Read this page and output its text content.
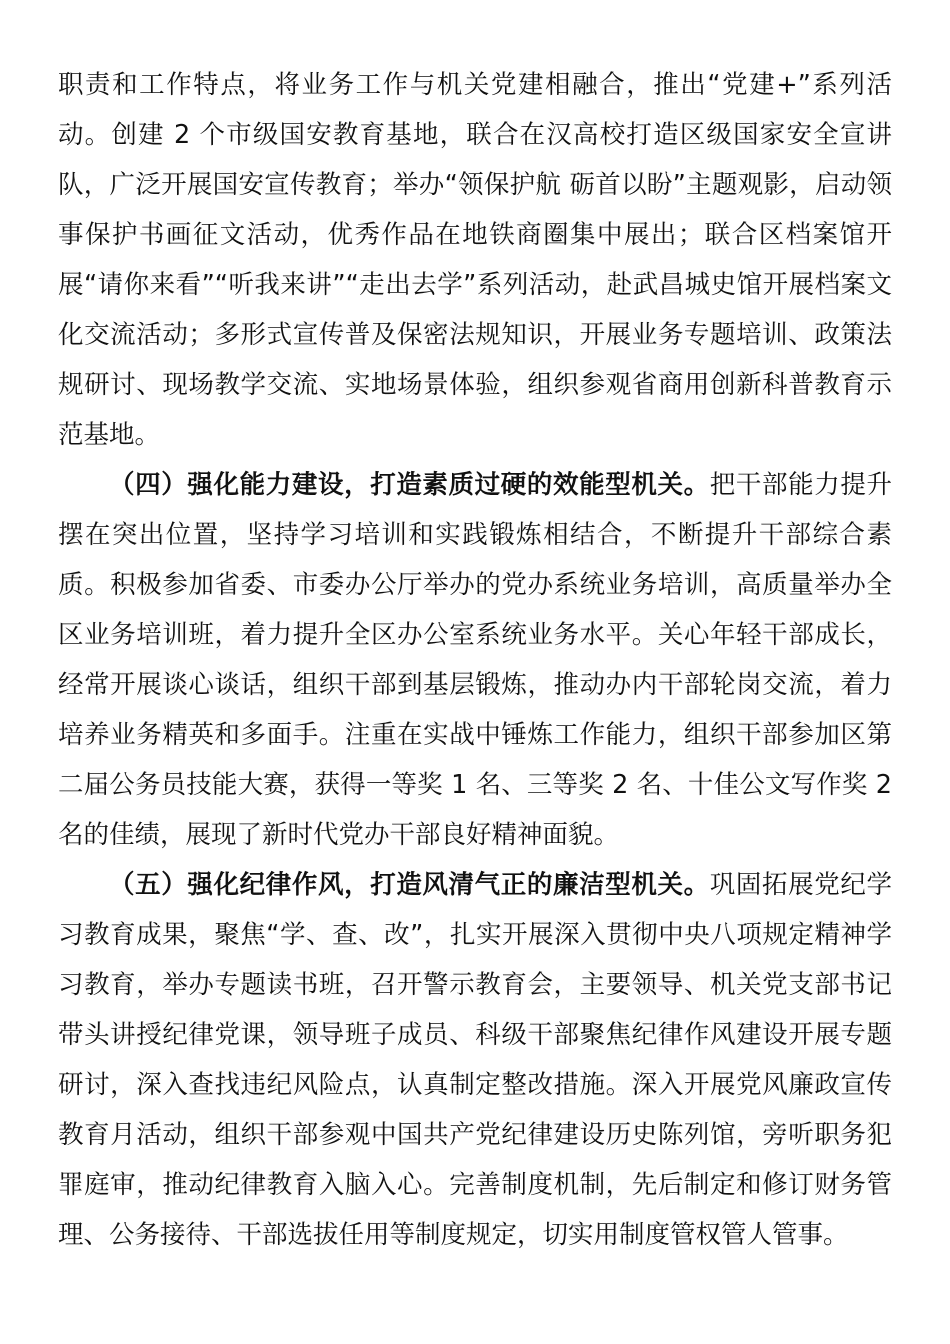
职责和工作特点，将业务工作与机关党建相融合，推出“党建+”系列活动。创建 2 个市级国安教育基地，联合在汉高校打造区级国家安全宣讲队，广泛开展国安宣传教育；举办“领保护航 砺首以盼”主题观影，启动领事保护书画征文活动，优秀作品在地铁商圈集中展出；联合区档案馆开展“请你来看”“听我来讲”“走出去学”系列活动，赴武昌城史馆开展档案文化交流活动；多形式宣传普及保密法规知识，开展业务专题培训、政策法规研讨、现场教学交流、实地场景体验，组织参观省商用创新科普教育示范基地。

（四）强化能力建设，打造素质过硬的效能型机关。把干部能力提升摆在突出位置，坚持学习培训和实践锻炼相结合，不断提升干部综合素质。积极参加省委、市委办公厅举办的党办系统业务培训，高质量举办全区业务培训班，着力提升全区办公室系统业务水平。关心年轻干部成长，经常开展谈心谈话，组织干部到基层锻炼，推动办内干部轮岗交流，着力培养业务精英和多面手。注重在实战中锤炼工作能力，组织干部参加区第二届公务员技能大赛，获得一等奖 1 名、三等奖 2 名、十佳公文写作奖 2 名的佳绩，展现了新时代党办干部良好精神面貌。

（五）强化纪律作风，打造风清气正的廉洁型机关。巩固拓展党纪学习教育成果，聚焦“学、查、改”，扎实开展深入贯彻中央八项规定精神学习教育，举办专题读书班，召开警示教育会，主要领导、机关党支部书记带头讲授纪律党课，领导班子成员、科级干部聚焦纪律作风建设开展专题研讨，深入查找违纪风险点，认真制定整改措施。深入开展党风廉政宣传教育月活动，组织干部参观中国共产党纪律建设历史陈列馆，旁听职务犯罪庭审，推动纪律教育入脑入心。完善制度机制，先后制定和修订财务管理、公务接待、干部选拔任用等制度规定，切实用制度管权管人管事。
